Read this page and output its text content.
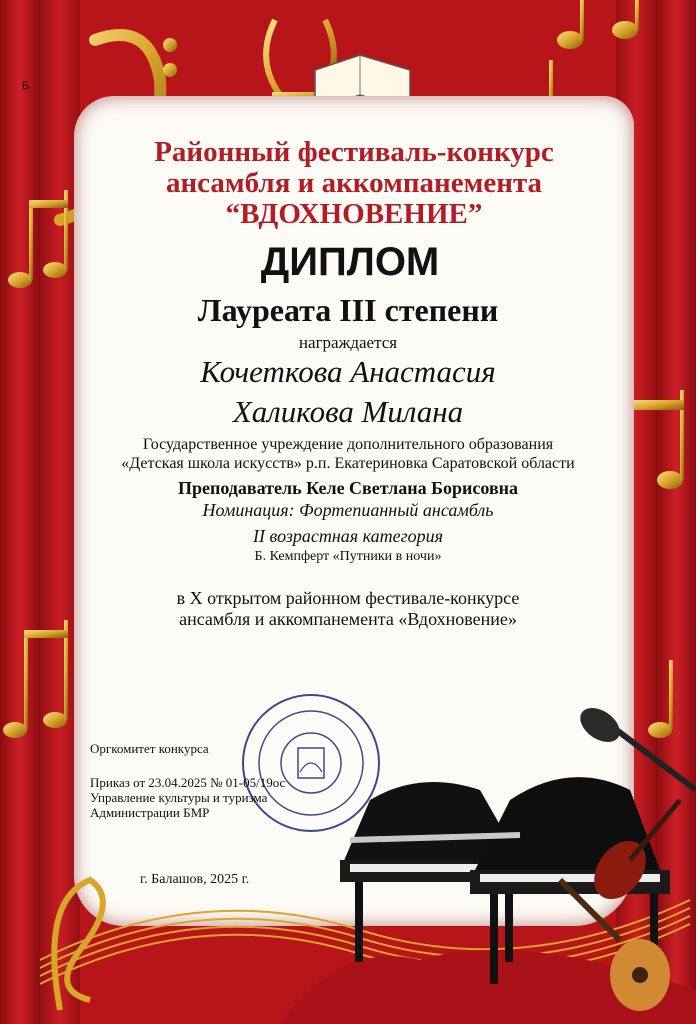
Б
Районный фестиваль-конкурс
ансамбля и аккомпанемента
“ВДОХНОВЕНИЕ”
ДИПЛОМ
Лауреата III степени
награждается
Кочеткова Анастасия
Халикова Милана
Государственное учреждение дополнительного образования
«Детская школа искусств» р.п. Екатериновка Саратовской области
Преподаватель Келе Светлана Борисовна
Номинация: Фортепианный ансамбль
II возрастная категория
Б. Кемпферт «Путники в ночи»
в X открытом районном фестивале-конкурсе
ансамбля и аккомпанемента «Вдохновение»
Оргкомитет конкурса
Приказ от 23.04.2025 № 01-05/19ос
Управление культуры и туризма
Администрации БМР
г. Балашов, 2025 г.
